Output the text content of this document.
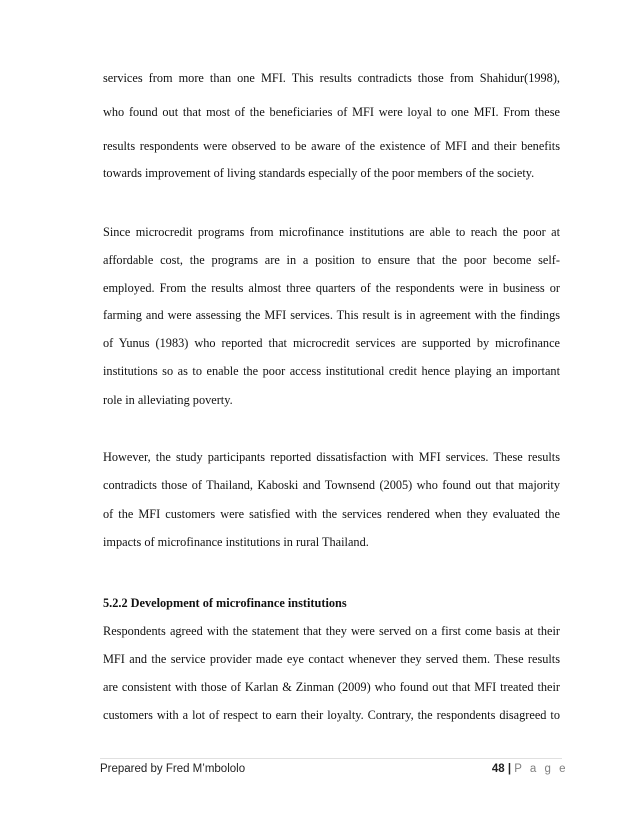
services from more than one MFI. This results contradicts those from Shahidur(1998),
who found out that most of the beneficiaries of MFI were loyal to one MFI. From these
results respondents were observed to be aware of the existence of MFI and their benefits
towards improvement of living standards especially of the poor members of the society.
Since microcredit programs from microfinance institutions are able to reach the poor at
affordable cost, the programs are in a position to ensure that the poor become self-
employed. From the results almost three quarters of the respondents were in business or
farming and were assessing the MFI services. This result is in agreement with the findings
of Yunus (1983) who reported that microcredit services are supported by microfinance
institutions so as to enable the poor access institutional credit hence playing an important
role in alleviating poverty.
However, the study participants reported dissatisfaction with MFI services. These results
contradicts those of Thailand, Kaboski and Townsend (2005) who found out that majority
of the MFI customers were satisfied with the services rendered when they evaluated the
impacts of microfinance institutions in rural Thailand.
5.2.2 Development of microfinance institutions
Respondents agreed with the statement that they were served on a first come basis at their
MFI and the service provider made eye contact whenever they served them. These results
are consistent with those of Karlan & Zinman (2009) who found out that MFI treated their
customers with a lot of respect to earn their loyalty. Contrary, the respondents disagreed to
Prepared by Fred M’mbololo	48 | P a g e
